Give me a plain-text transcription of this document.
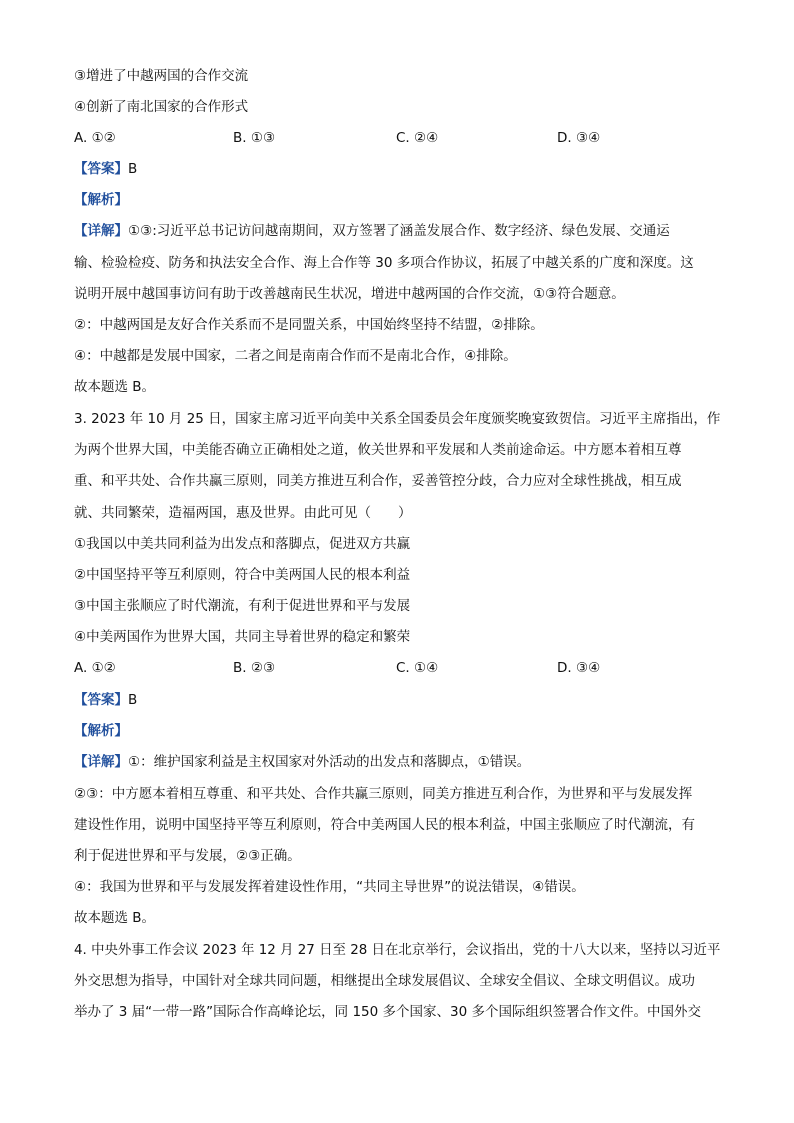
③增进了中越两国的合作交流
④创新了南北国家的合作形式
A. ①②	B. ①③	C. ②④	D. ③④
【答案】B
【解析】
【详解】①③:习近平总书记访问越南期间，双方签署了涵盖发展合作、数字经济、绿色发展、交通运
输、检验检疫、防务和执法安全合作、海上合作等 30 多项合作协议，拓展了中越关系的广度和深度。这
说明开展中越国事访问有助于改善越南民生状况，增进中越两国的合作交流，①③符合题意。
②：中越两国是友好合作关系而不是同盟关系，中国始终坚持不结盟，②排除。
④：中越都是发展中国家，二者之间是南南合作而不是南北合作，④排除。
故本题选 B。
3. 2023 年 10 月 25 日，国家主席习近平向美中关系全国委员会年度颁奖晚宴致贺信。习近平主席指出，作
为两个世界大国，中美能否确立正确相处之道，攸关世界和平发展和人类前途命运。中方愿本着相互尊
重、和平共处、合作共赢三原则，同美方推进互利合作，妥善管控分歧，合力应对全球性挑战，相互成
就、共同繁荣，造福两国，惠及世界。由此可见（　　）
①我国以中美共同利益为出发点和落脚点，促进双方共赢
②中国坚持平等互利原则，符合中美两国人民的根本利益
③中国主张顺应了时代潮流，有利于促进世界和平与发展
④中美两国作为世界大国，共同主导着世界的稳定和繁荣
A. ①②	B. ②③	C. ①④	D. ③④
【答案】B
【解析】
【详解】①：维护国家利益是主权国家对外活动的出发点和落脚点，①错误。
②③：中方愿本着相互尊重、和平共处、合作共赢三原则，同美方推进互利合作，为世界和平与发展发挥
建设性作用，说明中国坚持平等互利原则，符合中美两国人民的根本利益，中国主张顺应了时代潮流，有
利于促进世界和平与发展，②③正确。
④：我国为世界和平与发展发挥着建设性作用，“共同主导世界”的说法错误，④错误。
故本题选 B。
4. 中央外事工作会议 2023 年 12 月 27 日至 28 日在北京举行，会议指出，党的十八大以来，坚持以习近平
外交思想为指导，中国针对全球共同问题，相继提出全球发展倡议、全球安全倡议、全球文明倡议。成功
举办了 3 届“一带一路”国际合作高峰论坛，同 150 多个国家、30 多个国际组织签署合作文件。中国外交
